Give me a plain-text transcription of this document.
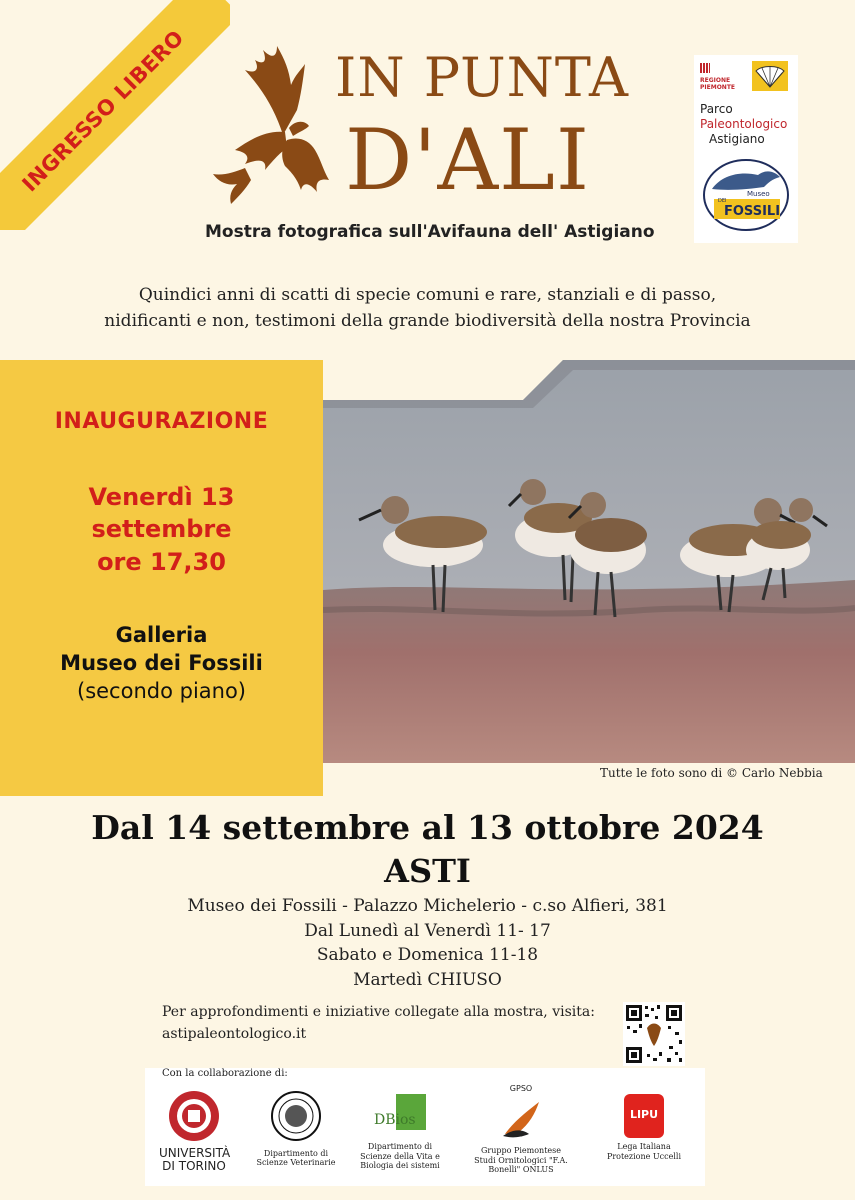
INGRESSO LIBERO	IN PUNTA
D'ALI
Mostra fotografica sull'Avifauna dell' Astigiano

REGIONE
PIEMONTE
Parco
Paleontologico
Astigiano
Museo
DEI
FOSSILI
Quindici anni di scatti di specie comuni e rare, stanziali e di passo,
nidificanti e non, testimoni della grande biodiversità della nostra Provincia
INAUGURAZIONE
Venerdì 13
settembre
ore 17,30
Galleria
Museo dei Fossili
(secondo piano)
Tutte le foto sono di © Carlo Nebbia
Dal 14 settembre al 13 ottobre 2024
ASTI
Museo dei Fossili - Palazzo Michelerio - c.so Alfieri, 381
Dal Lunedì al Venerdì 11- 17
Sabato e Domenica 11-18
Martedì CHIUSO
Per approfondimenti e iniziative collegate alla mostra, visita:
astipaleontologico.it
Con la collaborazione di:
UNIVERSITÀ
DI TORINO
Dipartimento di Scienze Veterinarie
DBios
Dipartimento di Scienze della Vita e Biologia dei sistemi
GPSO
Gruppo Piemontese Studi Ornitologici "F.A. Bonelli" ONLUS
LIPU
Lega Italiana Protezione Uccelli
